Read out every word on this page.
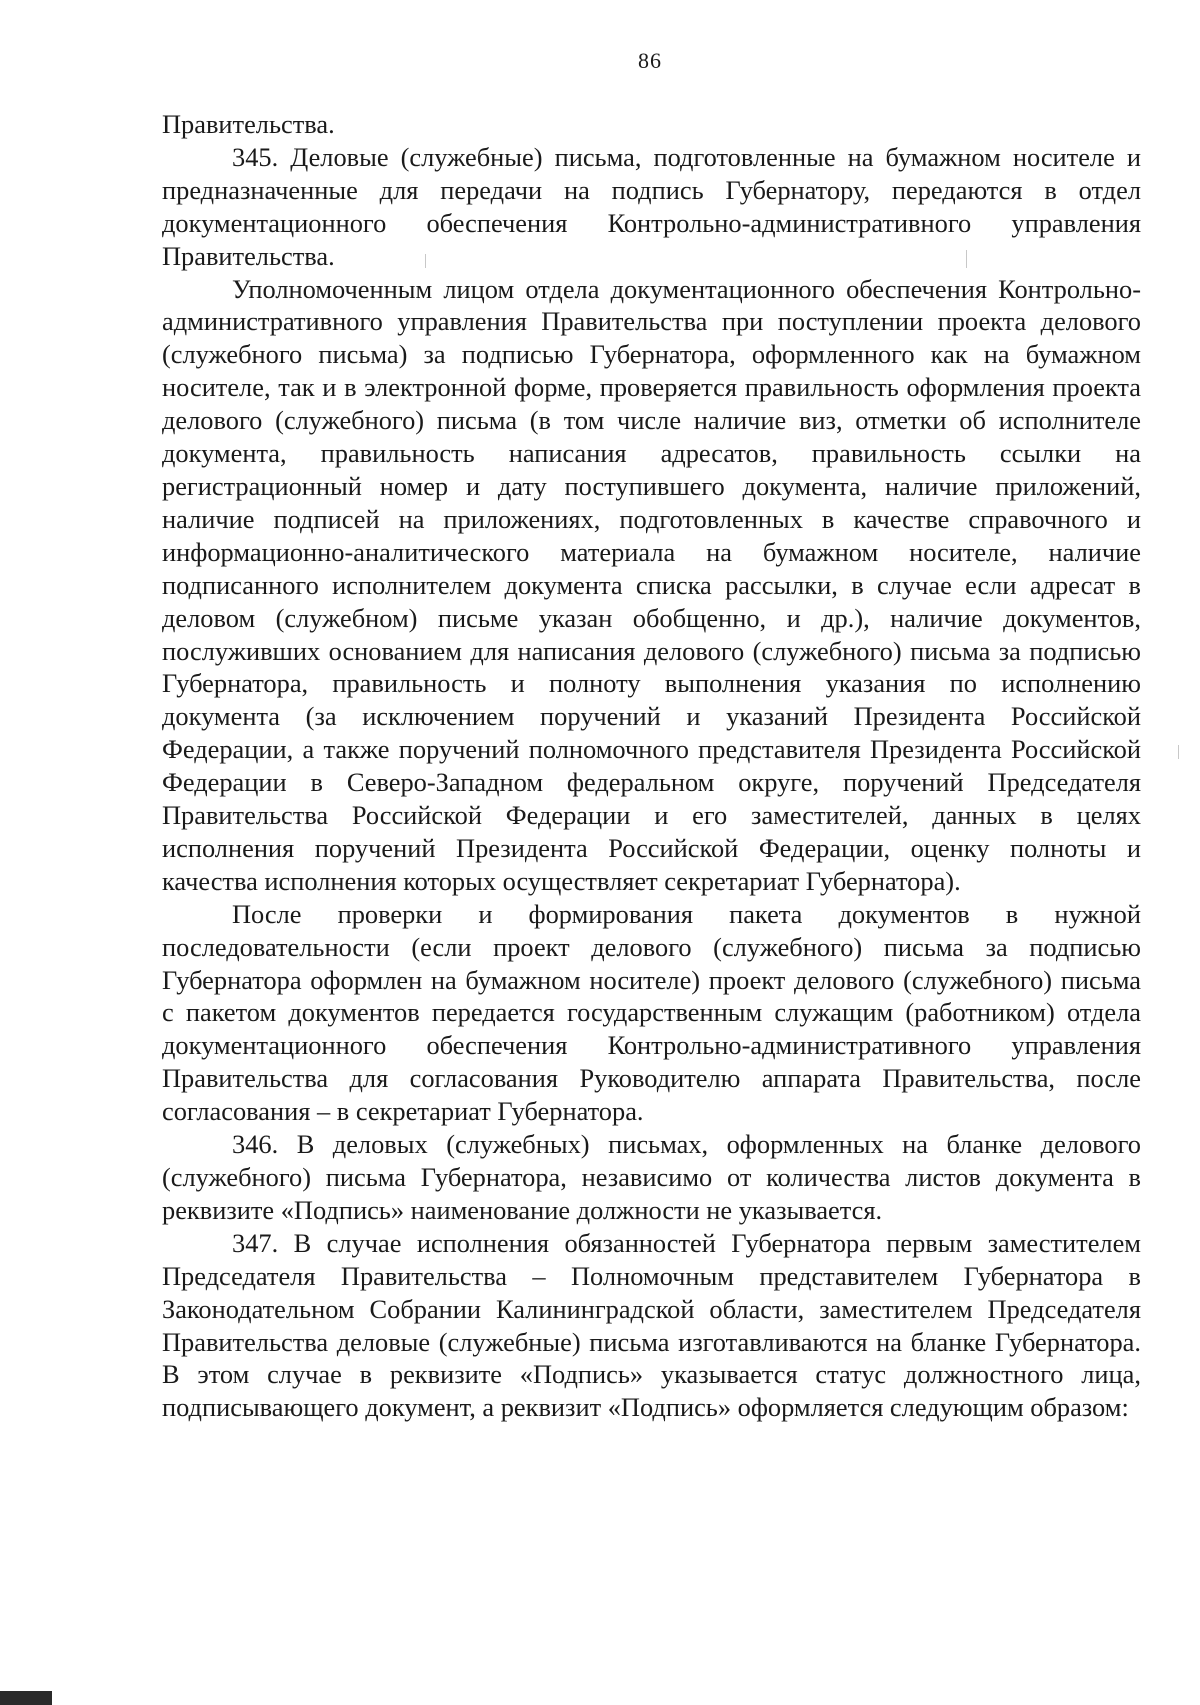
86

Правительства.

345. Деловые (служебные) письма, подготовленные на бумажном носителе и предназначенные для передачи на подпись Губернатору, передаются в отдел документационного обеспечения Контрольно-административного управления Правительства.

Уполномоченным лицом отдела документационного обеспечения Контрольно-административного управления Правительства при поступлении проекта делового (служебного письма) за подписью Губернатора, оформленного как на бумажном носителе, так и в электронной форме, проверяется правильность оформления проекта делового (служебного) письма (в том числе наличие виз, отметки об исполнителе документа, правильность написания адресатов, правильность ссылки на регистрационный номер и дату поступившего документа, наличие приложений, наличие подписей на приложениях, подготовленных в качестве справочного и информационно-аналитического материала на бумажном носителе, наличие подписанного исполнителем документа списка рассылки, в случае если адресат в деловом (служебном) письме указан обобщенно, и др.), наличие документов, послуживших основанием для написания делового (служебного) письма за подписью Губернатора, правильность и полноту выполнения указания по исполнению документа (за исключением поручений и указаний Президента Российской Федерации, а также поручений полномочного представителя Президента Российской Федерации в Северо-Западном федеральном округе, поручений Председателя Правительства Российской Федерации и его заместителей, данных в целях исполнения поручений Президента Российской Федерации, оценку полноты и качества исполнения которых осуществляет секретариат Губернатора).

После проверки и формирования пакета документов в нужной последовательности (если проект делового (служебного) письма за подписью Губернатора оформлен на бумажном носителе) проект делового (служебного) письма с пакетом документов передается государственным служащим (работником) отдела документационного обеспечения Контрольно-административного управления Правительства для согласования Руководителю аппарата Правительства, после согласования – в секретариат Губернатора.

346. В деловых (служебных) письмах, оформленных на бланке делового (служебного) письма Губернатора, независимо от количества листов документа в реквизите «Подпись» наименование должности не указывается.

347. В случае исполнения обязанностей Губернатора первым заместителем Председателя Правительства – Полномочным представителем Губернатора в Законодательном Собрании Калининградской области, заместителем Председателя Правительства деловые (служебные) письма изготавливаются на бланке Губернатора. В этом случае в реквизите «Подпись» указывается статус должностного лица, подписывающего документ, а реквизит «Подпись» оформляется следующим образом:
